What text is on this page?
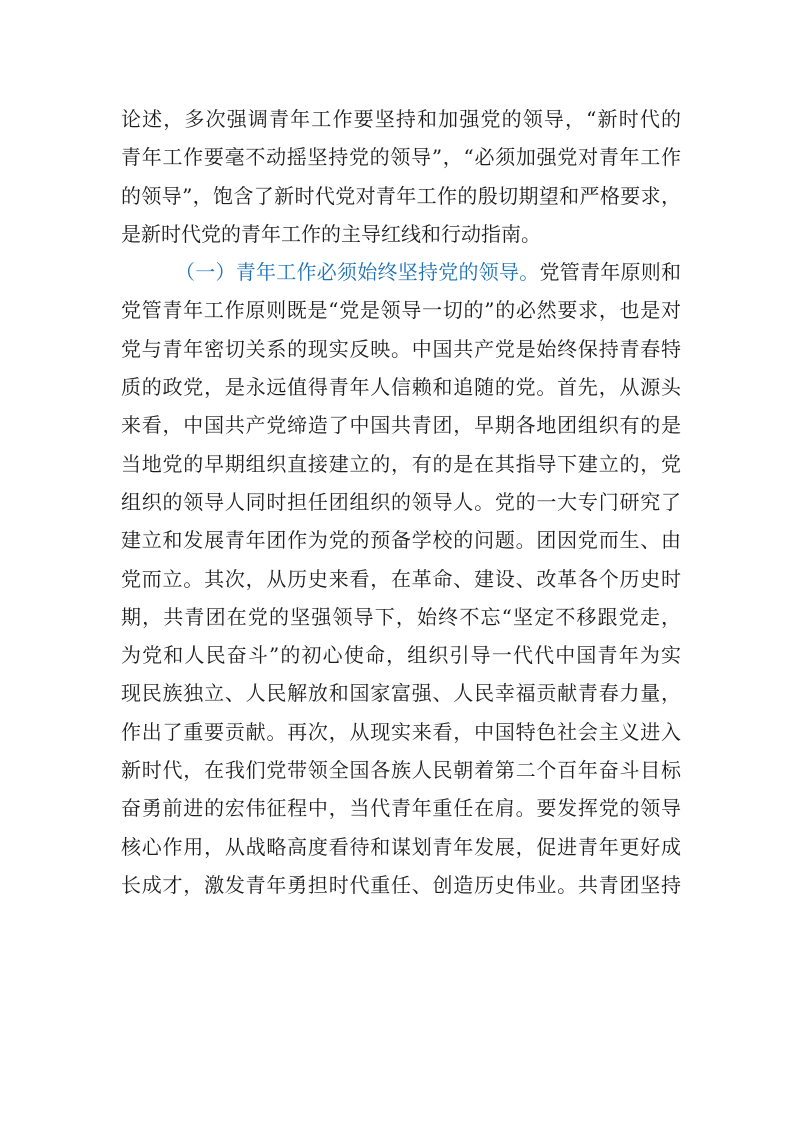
论述，多次强调青年工作要坚持和加强党的领导，“新时代的
青年工作要毫不动摇坚持党的领导”，“必须加强党对青年工作
的领导”，饱含了新时代党对青年工作的殷切期望和严格要求，
是新时代党的青年工作的主导红线和行动指南。
（一）青年工作必须始终坚持党的领导。党管青年原则和
党管青年工作原则既是“党是领导一切的”的必然要求，也是对
党与青年密切关系的现实反映。中国共产党是始终保持青春特
质的政党，是永远值得青年人信赖和追随的党。首先，从源头
来看，中国共产党缔造了中国共青团，早期各地团组织有的是
当地党的早期组织直接建立的，有的是在其指导下建立的，党
组织的领导人同时担任团组织的领导人。党的一大专门研究了
建立和发展青年团作为党的预备学校的问题。团因党而生、由
党而立。其次，从历史来看，在革命、建设、改革各个历史时
期，共青团在党的坚强领导下，始终不忘“坚定不移跟党走，
为党和人民奋斗”的初心使命，组织引导一代代中国青年为实
现民族独立、人民解放和国家富强、人民幸福贡献青春力量，
作出了重要贡献。再次，从现实来看，中国特色社会主义进入
新时代，在我们党带领全国各族人民朝着第二个百年奋斗目标
奋勇前进的宏伟征程中，当代青年重任在肩。要发挥党的领导
核心作用，从战略高度看待和谋划青年发展，促进青年更好成
长成才，激发青年勇担时代重任、创造历史伟业。共青团坚持
